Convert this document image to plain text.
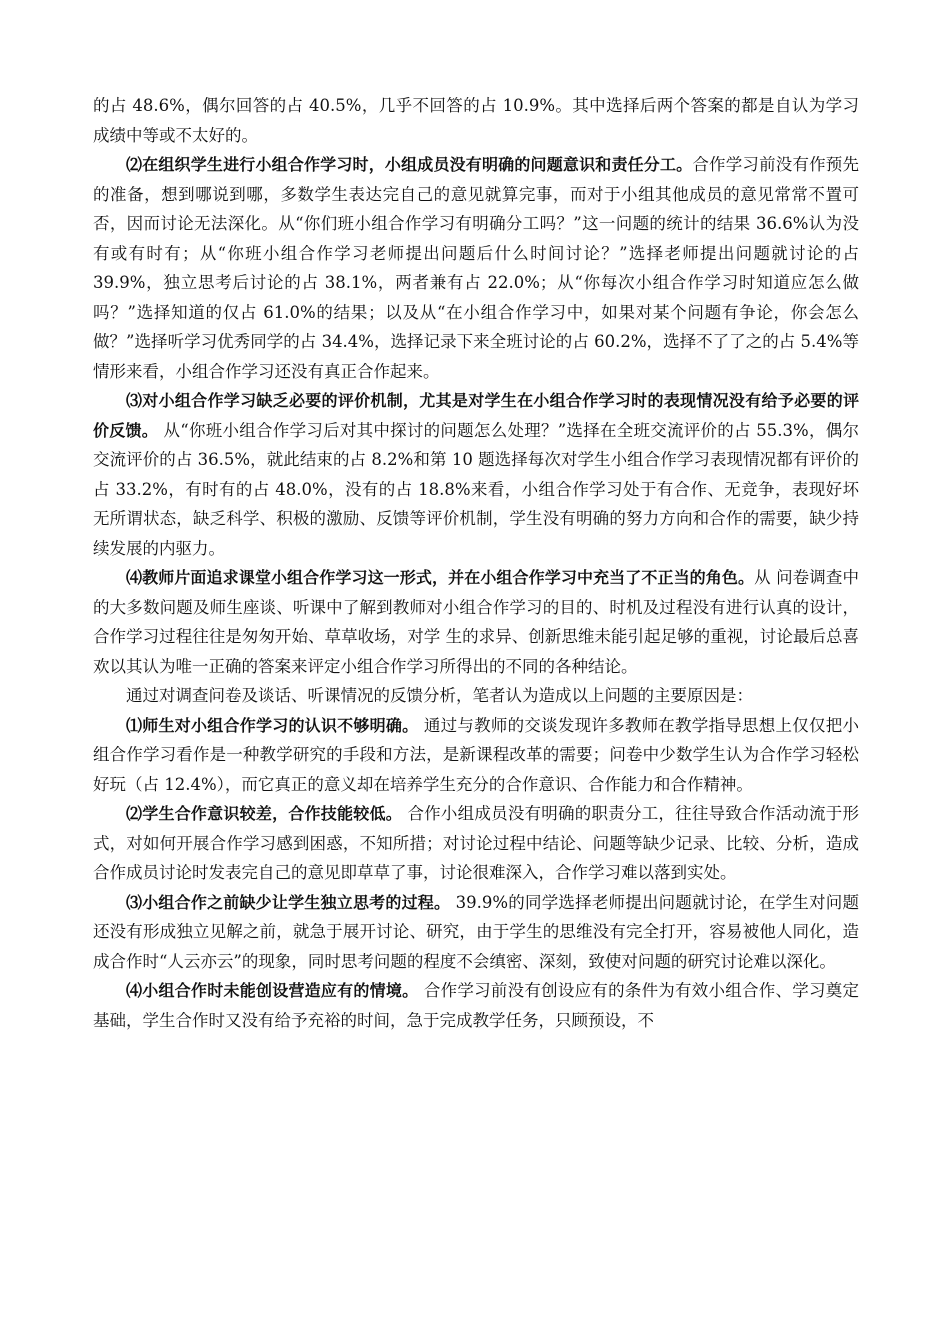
的占 48.6%，偶尔回答的占 40.5%，几乎不回答的占 10.9%。其中选择后两个答案的都是自认为学习成绩中等或不太好的。

⑵在组织学生进行小组合作学习时，小组成员没有明确的问题意识和责任分工。合作学习前没有作预先的准备，想到哪说到哪，多数学生表达完自己的意见就算完事，而对于小组其他成员的意见常常不置可否，因而讨论无法深化。从“你们班小组合作学习有明确分工吗？”这一问题的统计的结果 36.6%认为没有或有时有；从“你班小组合作学习老师提出问题后什么时间讨论？”选择老师提出问题就讨论的占 39.9%，独立思考后讨论的占 38.1%，两者兼有占 22.0%；从“你每次小组合作学习时知道应怎么做吗？”选择知道的仅占 61.0%的结果；以及从“在小组合作学习中，如果对某个问题有争论，你会怎么做？”选择听学习优秀同学的占 34.4%，选择记录下来全班讨论的占 60.2%，选择不了了之的占 5.4%等情形来看，小组合作学习还没有真正合作起来。

⑶对小组合作学习缺乏必要的评价机制，尤其是对学生在小组合作学习时的表现情况没有给予必要的评价反馈。 从“你班小组合作学习后对其中探讨的问题怎么处理？”选择在全班交流评价的占 55.3%，偶尔交流评价的占 36.5%，就此结束的占 8.2%和第 10 题选择每次对学生小组合作学习表现情况都有评价的占 33.2%，有时有的占 48.0%，没有的占 18.8%来看，小组合作学习处于有合作、无竞争，表现好坏无所谓状态，缺乏科学、积极的激励、反馈等评价机制，学生没有明确的努力方向和合作的需要，缺少持续发展的内驱力。

⑷教师片面追求课堂小组合作学习这一形式，并在小组合作学习中充当了不正当的角色。从 问卷调查中的大多数问题及师生座谈、听课中了解到教师对小组合作学习的目的、时机及过程没有进行认真的设计，合作学习过程往往是匆匆开始、草草收场，对学 生的求异、创新思维未能引起足够的重视，讨论最后总喜欢以其认为唯一正确的答案来评定小组合作学习所得出的不同的各种结论。

通过对调查问卷及谈话、听课情况的反馈分析，笔者认为造成以上问题的主要原因是：

⑴师生对小组合作学习的认识不够明确。 通过与教师的交谈发现许多教师在教学指导思想上仅仅把小组合作学习看作是一种教学研究的手段和方法，是新课程改革的需要；问卷中少数学生认为合作学习轻松好玩（占 12.4%），而它真正的意义却在培养学生充分的合作意识、合作能力和合作精神。

⑵学生合作意识较差，合作技能较低。 合作小组成员没有明确的职责分工，往往导致合作活动流于形式，对如何开展合作学习感到困惑，不知所措；对讨论过程中结论、问题等缺少记录、比较、分析，造成合作成员讨论时发表完自己的意见即草草了事，讨论很难深入，合作学习难以落到实处。

⑶小组合作之前缺少让学生独立思考的过程。 39.9%的同学选择老师提出问题就讨论，在学生对问题还没有形成独立见解之前，就急于展开讨论、研究，由于学生的思维没有完全打开，容易被他人同化，造成合作时“人云亦云”的现象，同时思考问题的程度不会缜密、深刻，致使对问题的研究讨论难以深化。

⑷小组合作时未能创设营造应有的情境。 合作学习前没有创设应有的条件为有效小组合作、学习奠定基础，学生合作时又没有给予充裕的时间，急于完成教学任务，只顾预设，不
